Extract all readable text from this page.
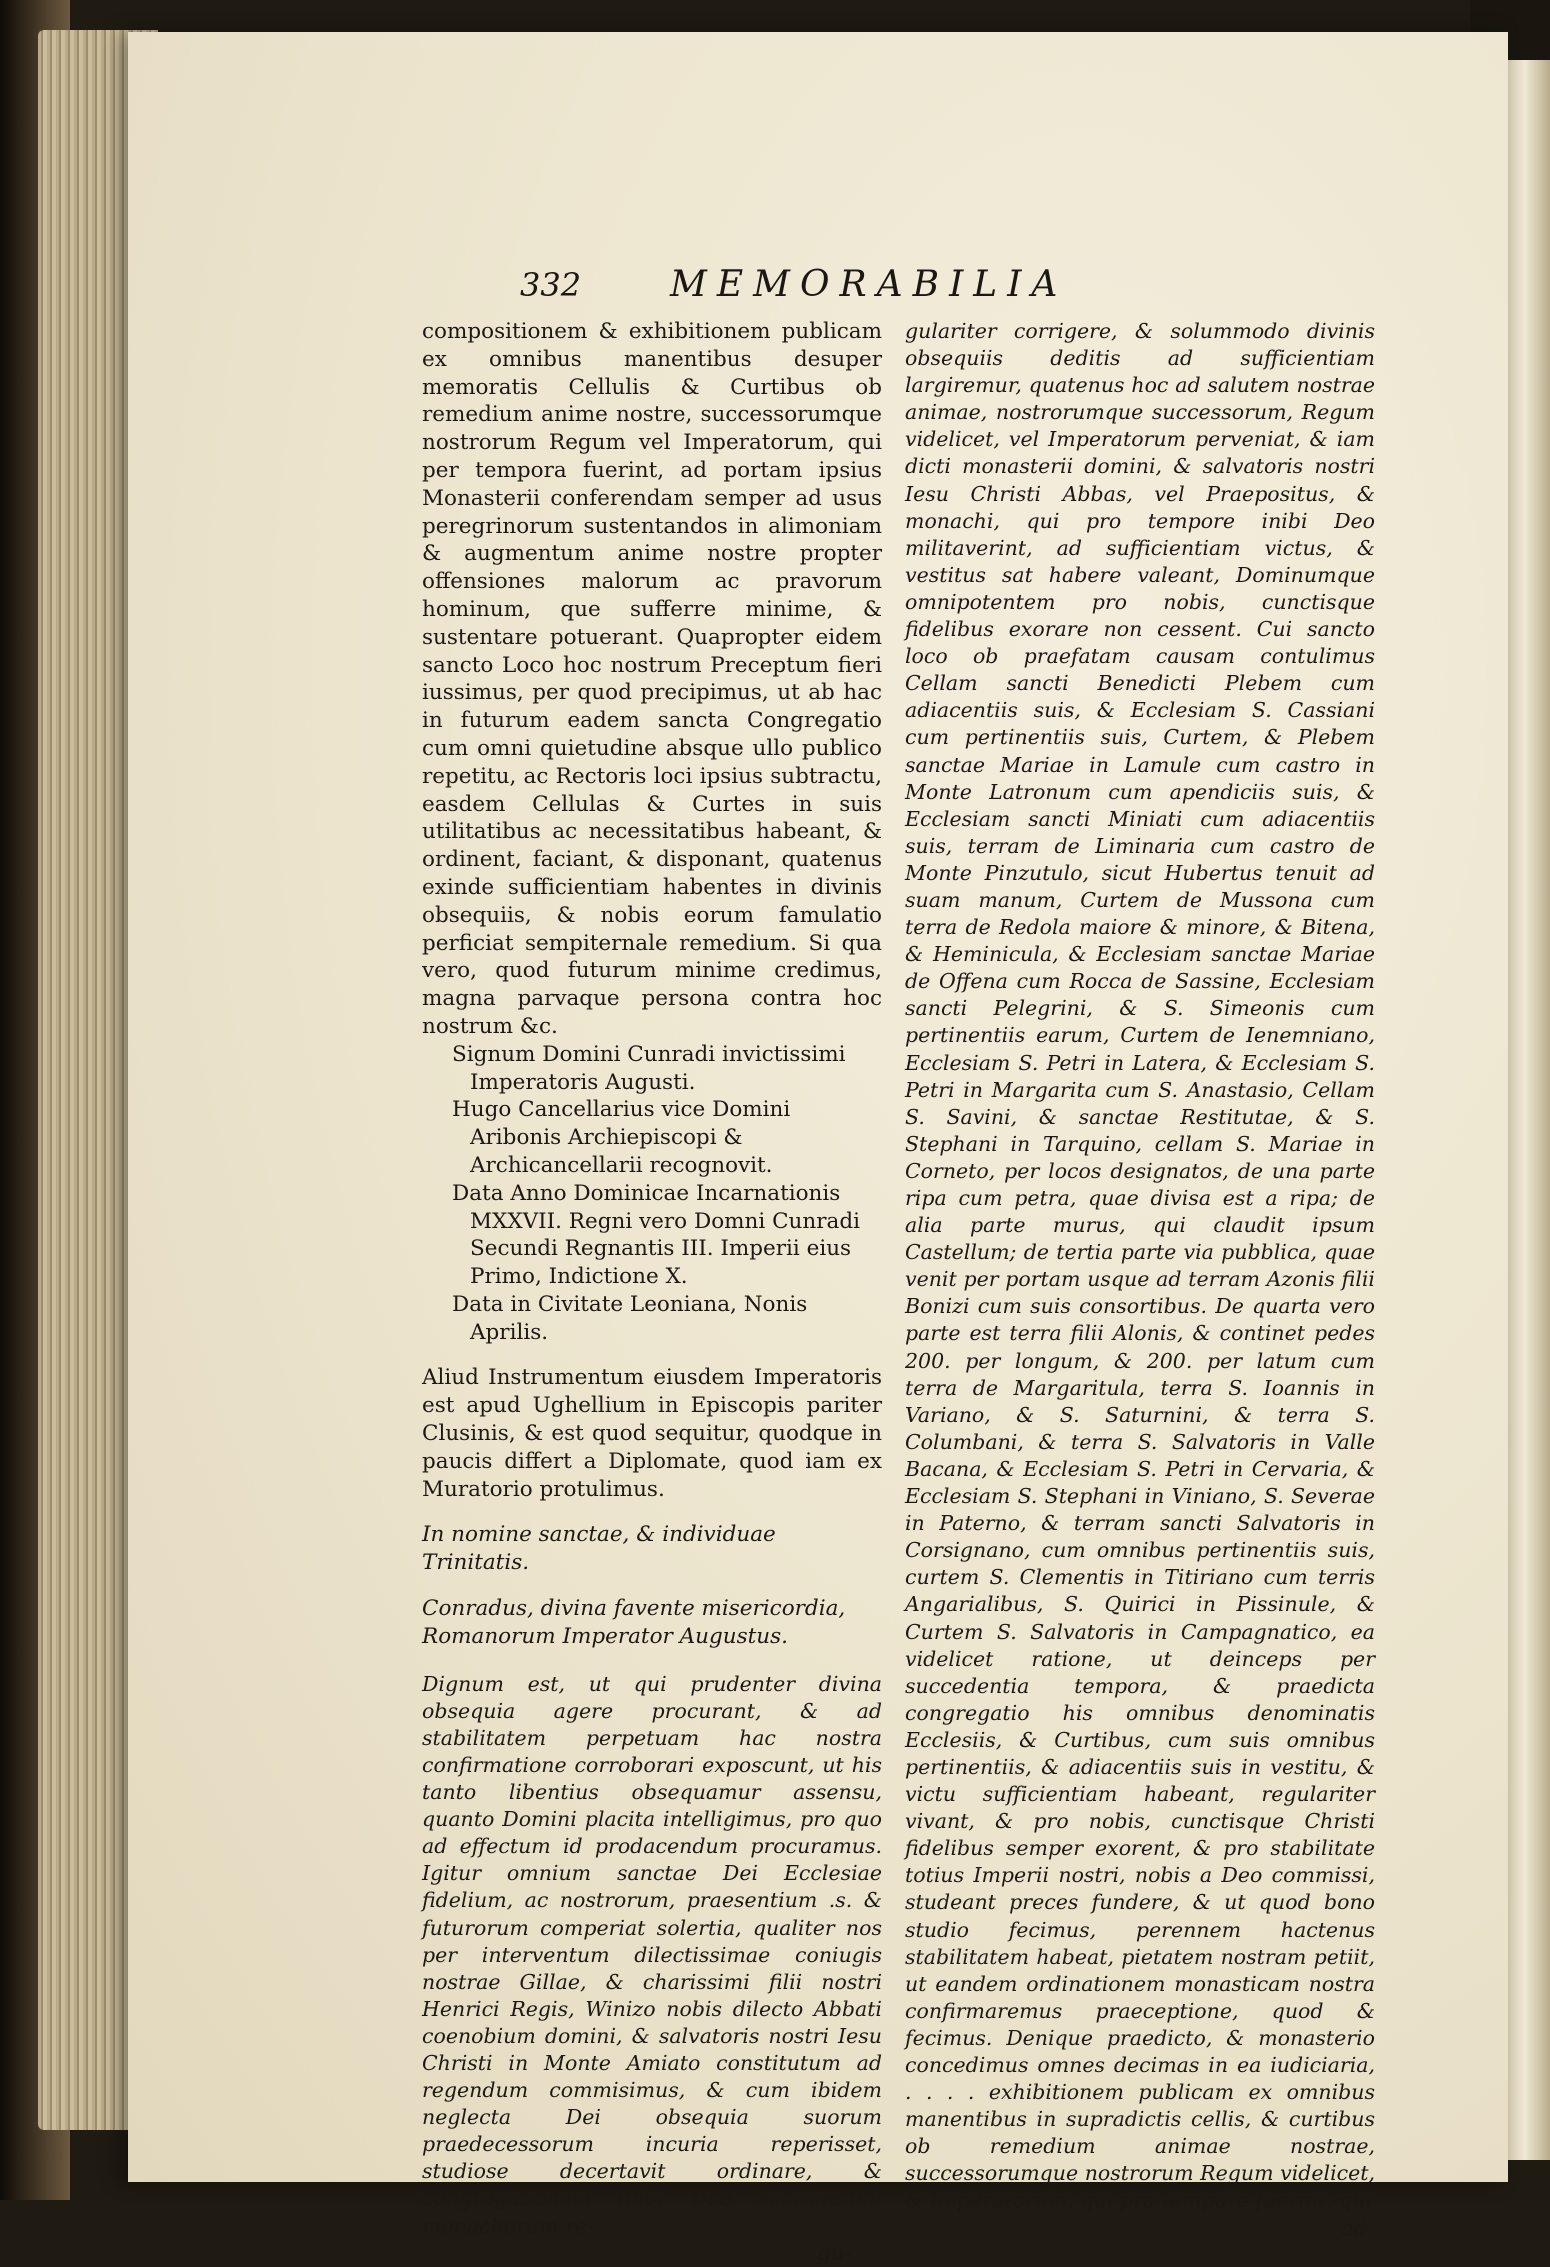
332 MEMORABILIA

compositionem & exhibitionem publicam ex omnibus manentibus desuper memoratis Cellulis & Curtibus ob remedium anime nostre, successorumque nostrorum Regum vel Imperatorum, qui per tempora fuerint, ad portam ipsius Monasterii conferendam semper ad usus peregrinorum sustentandos in alimoniam & augmentum anime nostre propter offensiones malorum ac pravorum hominum, que sufferre minime, & sustentare potuerant. Quapropter eidem sancto Loco hoc nostrum Preceptum fieri iussimus, per quod precipimus, ut ab hac in futurum eadem sancta Congregatio cum omni quietudine absque ullo publico repetitu, ac Rectoris loci ipsius subtractu, easdem Cellulas & Curtes in suis utilitatibus ac necessitatibus habeant, & ordinent, faciant, & disponant, quatenus exinde sufficientiam habentes in divinis obsequiis, & nobis eorum famulatio perficiat sempiternale remedium. Si qua vero, quod futurum minime credimus, magna parvaque persona contra hoc nostrum &c.

Signum Domini Cunradi invictissimi Imperatoris Augusti.
Hugo Cancellarius vice Domini Aribonis Archiepiscopi & Archicancellarii recognovit.
Data Anno Dominicae Incarnationis MXXVII. Regni vero Domni Cunradi Secundi Regnantis III. Imperii eius Primo, Indictione X.
Data in Civitate Leoniana, Nonis Aprilis.

Aliud Instrumentum eiusdem Imperatoris est apud Ughellium in Episcopis pariter Clusinis, & est quod sequitur, quodque in paucis differt a Diplomate, quod iam ex Muratorio protulimus.

In nomine sanctae, & individuae Trinitatis.

Conradus, divina favente misericordia, Romanorum Imperator Augustus.

Dignum est, ut qui prudenter divina obsequia agere procurant, & ad stabilitatem perpetuam hac nostra confirmatione corroborari exposcunt, ut his tanto libentius obsequamur assensu, quanto Domini placita intelligimus, pro quo ad effectum id prodacendum procuramus. Igitur omnium sanctae Dei Ecclesiae fidelium, ac nostrorum, praesentium .s. & futurorum comperiat solertia, qualiter nos per interventum dilectissimae coniugis nostrae Gillae, & charissimi filii nostri Henrici Regis, Winizo nobis dilecto Abbati coenobium domini, & salvatoris nostri Iesu Christi in Monte Amiato constitutum ad regendum commisimus, & cum ibidem neglecta Dei obsequia suorum praedecessorum incuria reperisset, studiose decertavit ordinare, & congregationem inibi Deo servientium monachorum re-

gu-

gulariter corrigere, & solummodo divinis obsequiis deditis ad sufficientiam largiremur, quatenus hoc ad salutem nostrae animae, nostrorumque successorum, Regum videlicet, vel Imperatorum perveniat, & iam dicti monasterii domini, & salvatoris nostri Iesu Christi Abbas, vel Praepositus, & monachi, qui pro tempore inibi Deo militaverint, ad sufficientiam victus, & vestitus sat habere valeant, Dominumque omnipotentem pro nobis, cunctisque fidelibus exorare non cessent. Cui sancto loco ob praefatam causam contulimus Cellam sancti Benedicti Plebem cum adiacentiis suis, & Ecclesiam S. Cassiani cum pertinentiis suis, Curtem, & Plebem sanctae Mariae in Lamule cum castro in Monte Latronum cum apendiciis suis, & Ecclesiam sancti Miniati cum adiacentiis suis, terram de Liminaria cum castro de Monte Pinzutulo, sicut Hubertus tenuit ad suam manum, Curtem de Mussona cum terra de Redola maiore & minore, & Bitena, & Heminicula, & Ecclesiam sanctae Mariae de Offena cum Rocca de Sassine, Ecclesiam sancti Pelegrini, & S. Simeonis cum pertinentiis earum, Curtem de Ienemniano, Ecclesiam S. Petri in Latera, & Ecclesiam S. Petri in Margarita cum S. Anastasio, Cellam S. Savini, & sanctae Restitutae, & S. Stephani in Tarquino, cellam S. Mariae in Corneto, per locos designatos, de una parte ripa cum petra, quae divisa est a ripa; de alia parte murus, qui claudit ipsum Castellum; de tertia parte via pubblica, quae venit per portam usque ad terram Azonis filii Bonizi cum suis consortibus. De quarta vero parte est terra filii Alonis, & continet pedes 200. per longum, & 200. per latum cum terra de Margaritula, terra S. Ioannis in Variano, & S. Saturnini, & terra S. Columbani, & terra S. Salvatoris in Valle Bacana, & Ecclesiam S. Petri in Cervaria, & Ecclesiam S. Stephani in Viniano, S. Severae in Paterno, & terram sancti Salvatoris in Corsignano, cum omnibus pertinentiis suis, curtem S. Clementis in Titiriano cum terris Angarialibus, S. Quirici in Pissinule, & Curtem S. Salvatoris in Campagnatico, ea videlicet ratione, ut deinceps per succedentia tempora, & praedicta congregatio his omnibus denominatis Ecclesiis, & Curtibus, cum suis omnibus pertinentiis, & adiacentiis suis in vestitu, & victu sufficientiam habeant, regulariter vivant, & pro nobis, cunctisque Christi fidelibus semper exorent, & pro stabilitate totius Imperii nostri, nobis a Deo commissi, studeant preces fundere, & ut quod bono studio fecimus, perennem hactenus stabilitatem habeat, pietatem nostram petiit, ut eandem ordinationem monasticam nostra confirmaremus praeceptione, quod & fecimus. Denique praedicto, & monasterio concedimus omnes decimas in ea iudiciaria, . . . . exhibitionem publicam ex omnibus manentibus in supradictis cellis, & curtibus ob remedium animae nostrae, successorumque nostrorum Regum videlicet, & Imperatorum, qui pro tempore fuerint, qui

ad
